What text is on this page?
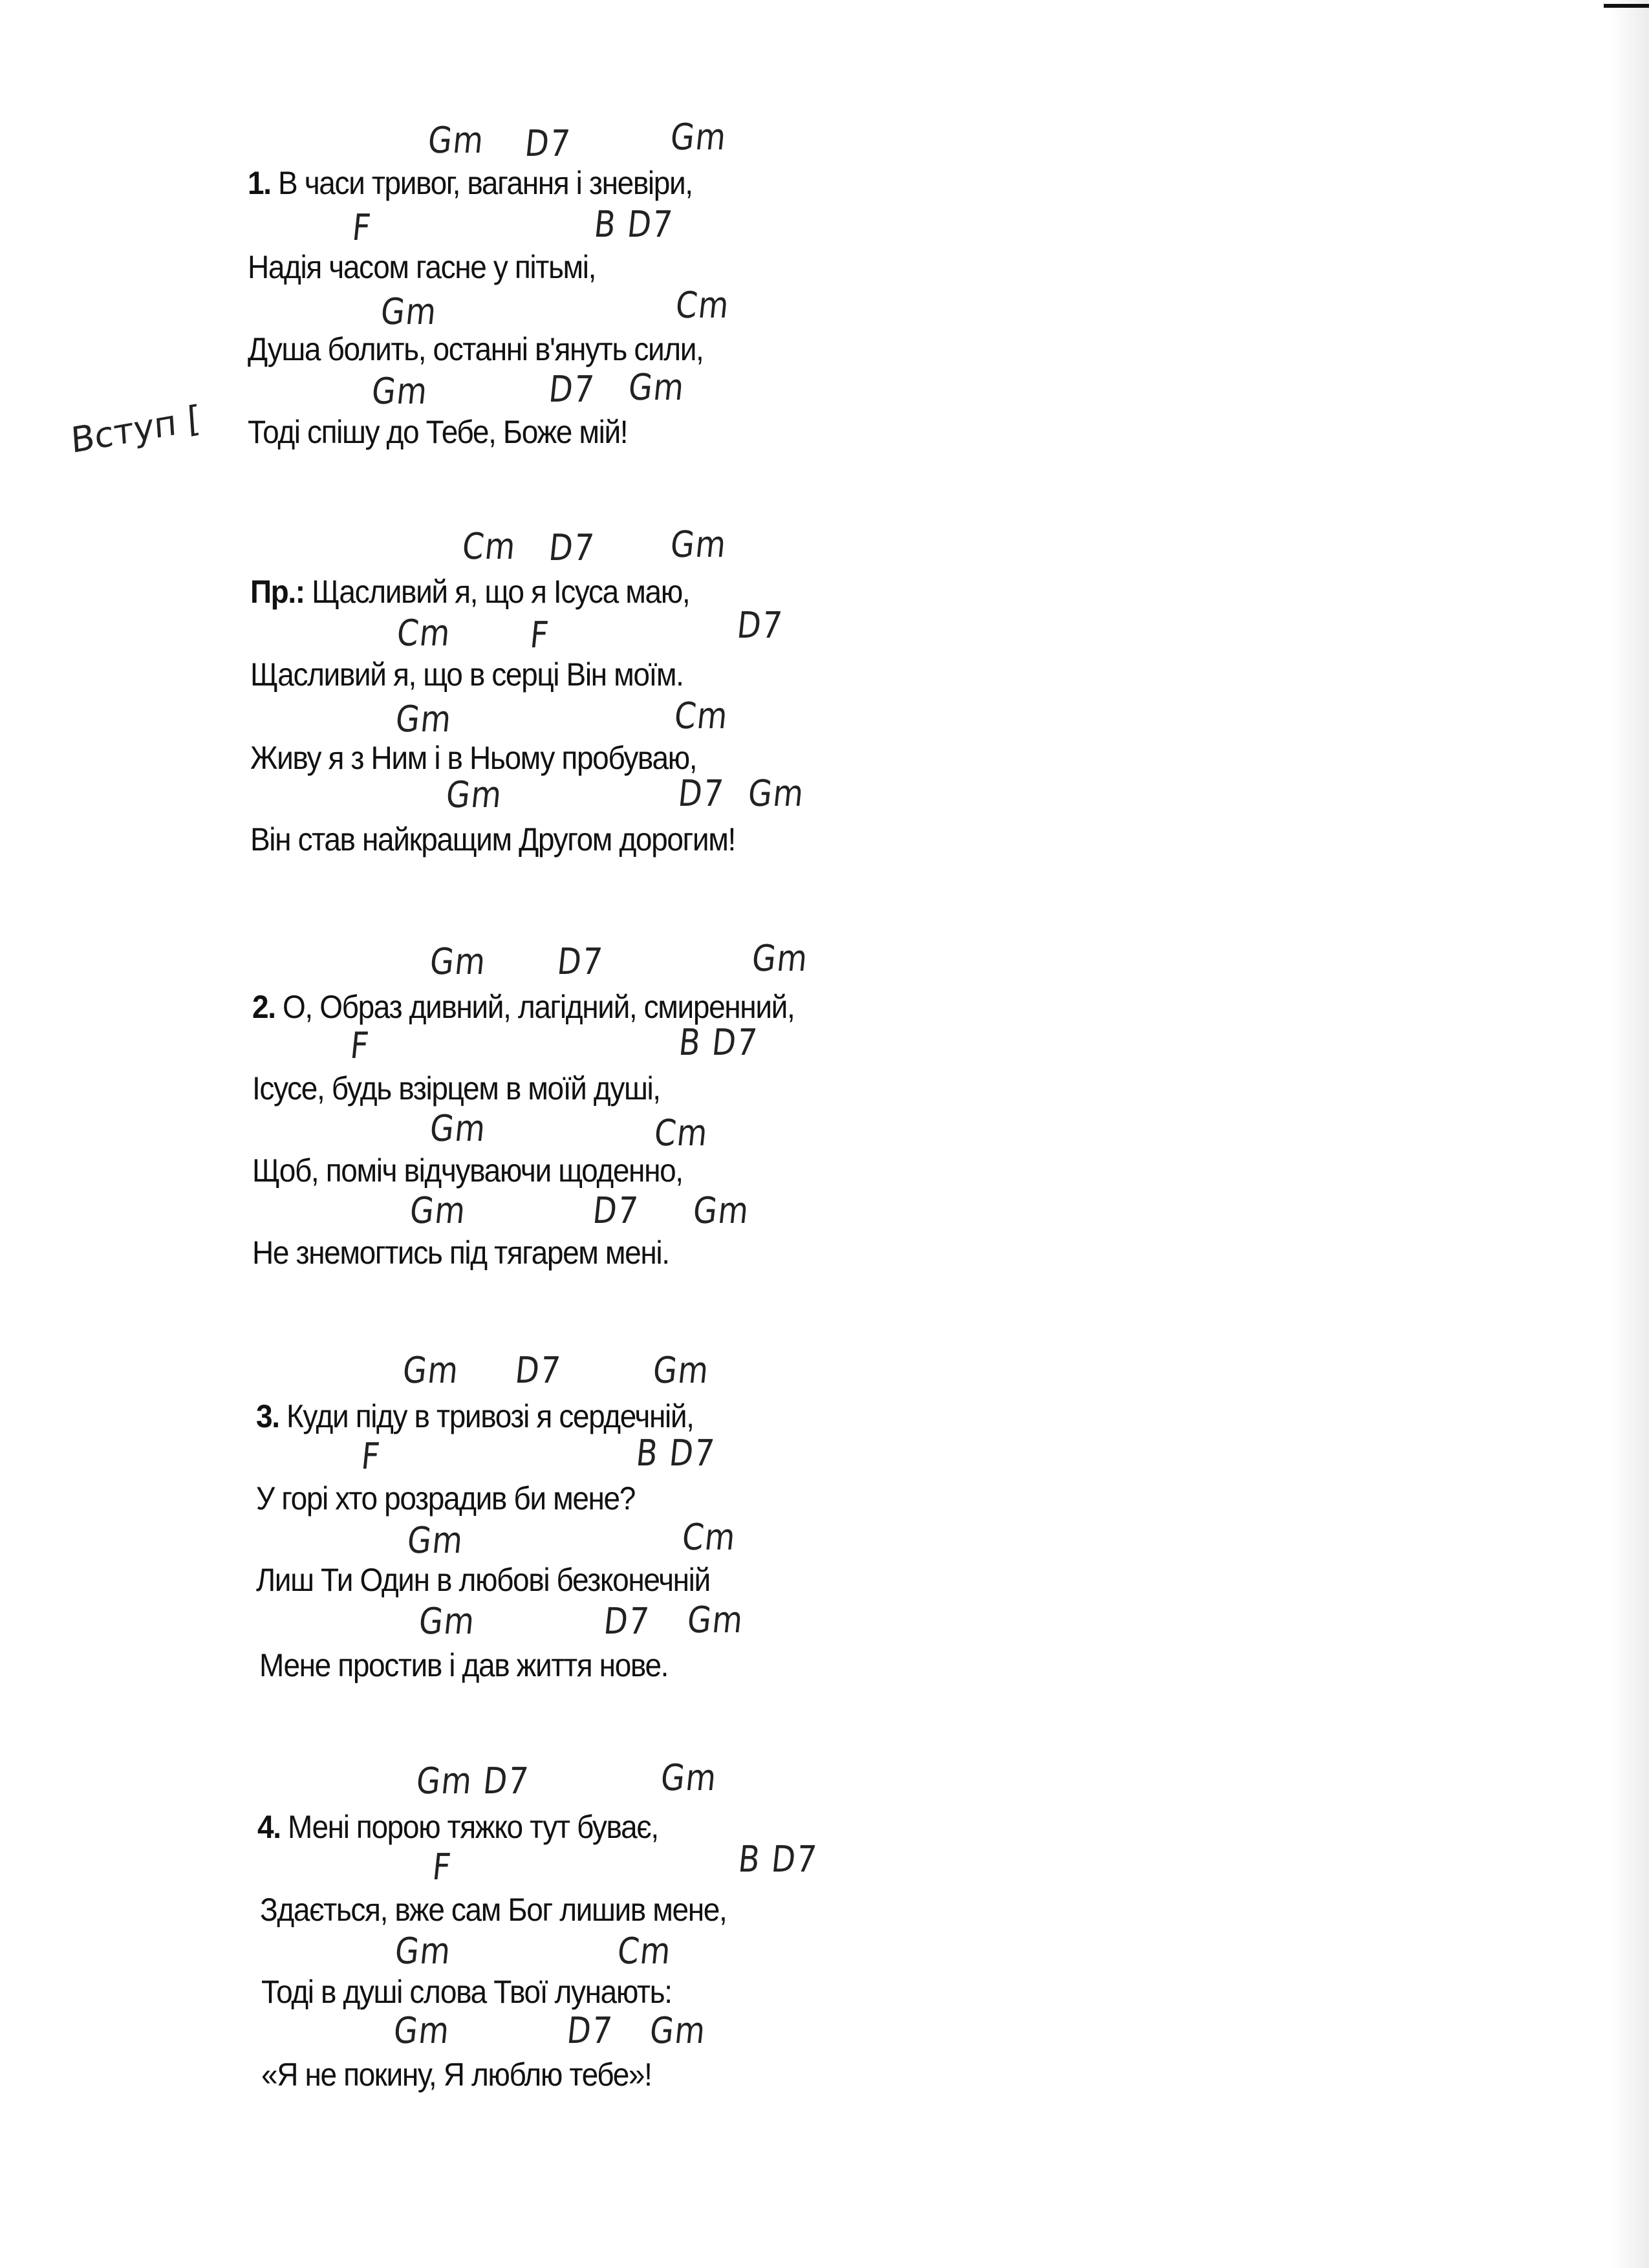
Вступ [
Gm D7	Gm
1. В часи тривог, вагання і зневіри,
F	B D7
Надія часом гасне у пітьмі,
Gm	Cm
Душа болить, останні в'януть сили,
Gm	D7 Gm
Тоді спішу до Тебе, Боже мій!
Cm D7 Gm
Пр.: Щасливий я, що я Ісуса маю,
Cm F	D7
Щасливий я, що в серці Він моїм.
Gm	Cm
Живу я з Ним і в Ньому пробуваю,
Gm	D7 Gm
Він став найкращим Другом дорогим!
Gm D7	Gm
2. О, Образ дивний, лагідний, смиренний,
F	B D7
Ісусе, будь взірцем в моїй душі,
Gm	Cm
Щоб, поміч відчуваючи щоденно,
Gm	D7 Gm
Не знемогтись під тягарем мені.
Gm D7 Gm
3. Куди піду в тривозі я сердечній,
F	B D7
У горі хто розрадив би мене?
Gm	Cm
Лиш Ти Один в любові безконечній
Gm	D7 Gm
Мене простив і дав життя нове.
Gm D7	Gm
4. Мені порою тяжко тут буває,
F	B D7
Здається, вже сам Бог лишив мене,
Gm	Cm
Тоді в душі слова Твої лунають:
Gm	D7 Gm
«Я не покину, Я люблю тебе»!
